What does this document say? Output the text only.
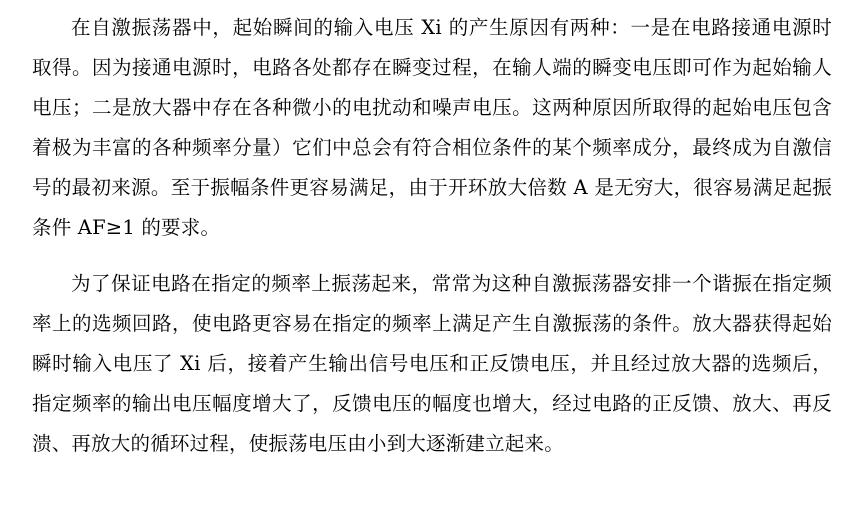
在自激振荡器中，起始瞬间的输入电压 Xi 的产生原因有两种：一是在电路接通电源时取得。因为接通电源时，电路各处都存在瞬变过程，在输人端的瞬变电压即可作为起始输人电压；二是放大器中存在各种微小的电扰动和噪声电压。这两种原因所取得的起始电压包含着极为丰富的各种频率分量）它们中总会有符合相位条件的某个频率成分，最终成为自激信号的最初来源。至于振幅条件更容易满足，由于开环放大倍数 A 是无穷大，很容易满足起振条件 AF≥1 的要求。

为了保证电路在指定的频率上振荡起来，常常为这种自激振荡器安排一个谐振在指定频率上的选频回路，使电路更容易在指定的频率上满足产生自激振荡的条件。放大器获得起始瞬时输入电压了 Xi 后，接着产生输出信号电压和正反馈电压，并且经过放大器的选频后，指定频率的输出电压幅度增大了，反馈电压的幅度也增大，经过电路的正反馈、放大、再反溃、再放大的循环过程，使振荡电压由小到大逐渐建立起来。
